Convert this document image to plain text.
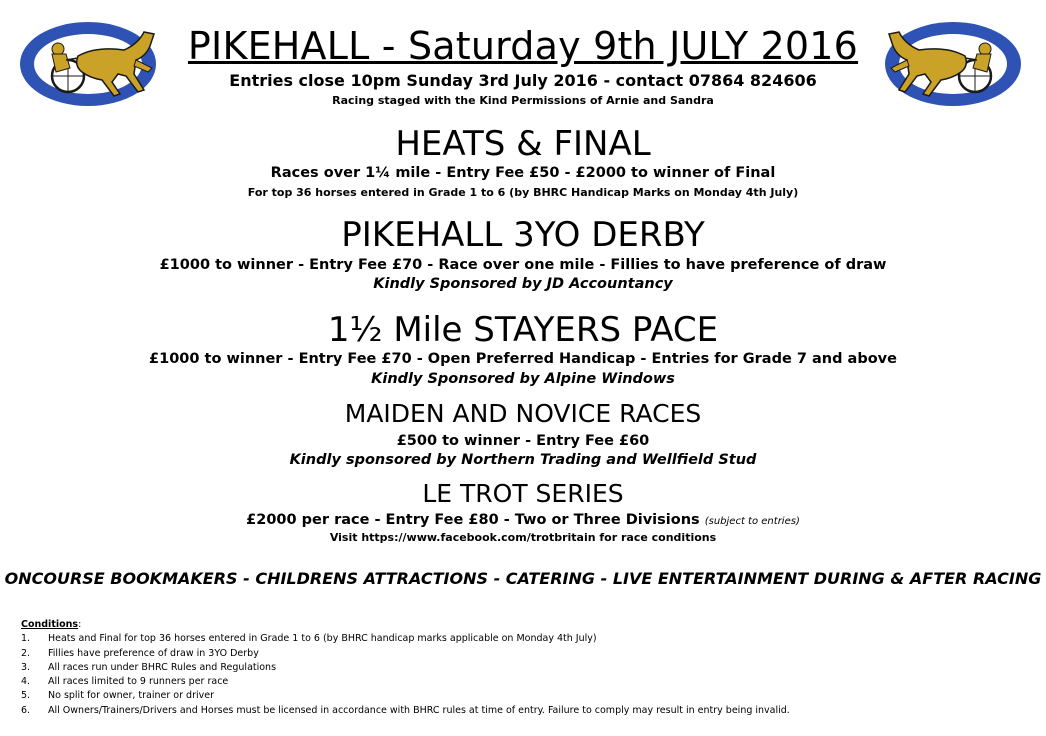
PIKEHALL - Saturday 9th JULY 2016
Entries close 10pm Sunday 3rd July 2016 - contact 07864 824606
Racing staged with the Kind Permissions of Arnie and Sandra
HEATS & FINAL
Races over 1¼ mile - Entry Fee £50 - £2000 to winner of Final
For top 36 horses entered in Grade 1 to 6 (by BHRC Handicap Marks on Monday 4th July)
PIKEHALL 3YO DERBY
£1000 to winner - Entry Fee £70 - Race over one mile - Fillies to have preference of draw
Kindly Sponsored by JD Accountancy
1½ Mile STAYERS PACE
£1000 to winner - Entry Fee £70 - Open Preferred Handicap - Entries for Grade 7 and above
Kindly Sponsored by Alpine Windows
MAIDEN AND NOVICE RACES
£500 to winner - Entry Fee £60
Kindly sponsored by Northern Trading and Wellfield Stud
LE TROT SERIES
£2000 per race - Entry Fee £80 - Two or Three Divisions (subject to entries)
Visit https://www.facebook.com/trotbritain for race conditions
ONCOURSE BOOKMAKERS - CHILDRENS ATTRACTIONS - CATERING - LIVE ENTERTAINMENT DURING & AFTER RACING
Conditions:
1.	Heats and Final for top 36 horses entered in Grade 1 to 6 (by BHRC handicap marks applicable on Monday 4th July)
2.	Fillies have preference of draw in 3YO Derby
3.	All races run under BHRC Rules and Regulations
4.	All races limited to 9 runners per race
5.	No split for owner, trainer or driver
6.	All Owners/Trainers/Drivers and Horses must be licensed in accordance with BHRC rules at time of entry. Failure to comply may result in entry being invalid.
